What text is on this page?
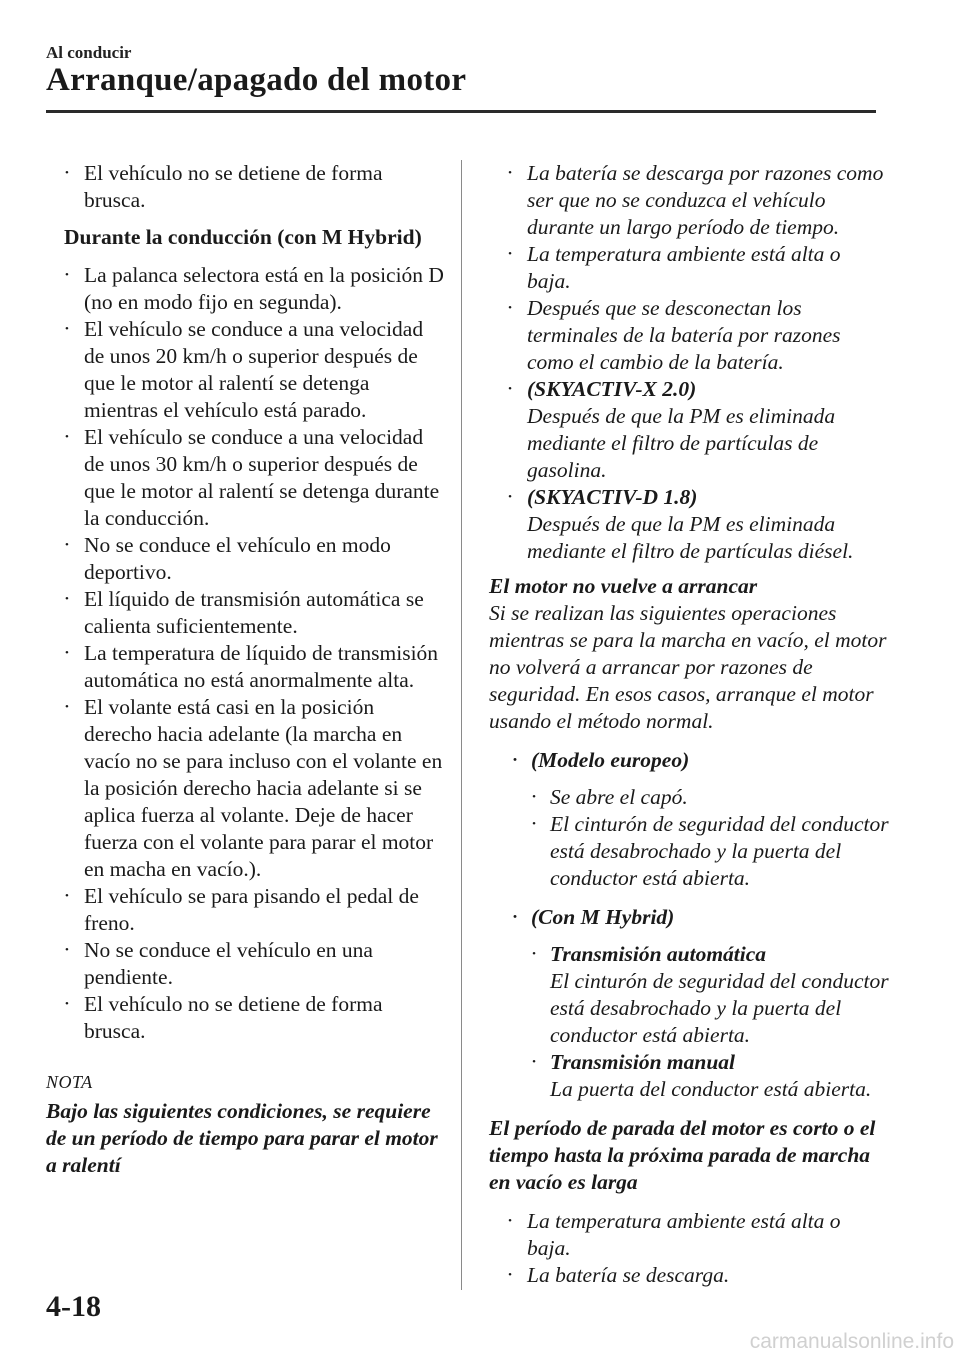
Al conducir
Arranque/apagado del motor
• El vehículo no se detiene de forma brusca.
Durante la conducción (con M Hybrid)
• La palanca selectora está en la posición D (no en modo fijo en segunda).
• El vehículo se conduce a una velocidad de unos 20 km/h o superior después de que le motor al ralentí se detenga mientras el vehículo está parado.
• El vehículo se conduce a una velocidad de unos 30 km/h o superior después de que le motor al ralentí se detenga durante la conducción.
• No se conduce el vehículo en modo deportivo.
• El líquido de transmisión automática se calienta suficientemente.
• La temperatura de líquido de transmisión automática no está anormalmente alta.
• El volante está casi en la posición derecho hacia adelante (la marcha en vacío no se para incluso con el volante en la posición derecho hacia adelante si se aplica fuerza al volante. Deje de hacer fuerza con el volante para parar el motor en macha en vacío.).
• El vehículo se para pisando el pedal de freno.
• No se conduce el vehículo en una pendiente.
• El vehículo no se detiene de forma brusca.
NOTA
Bajo las siguientes condiciones, se requiere de un período de tiempo para parar el motor a ralentí
• La batería se descarga por razones como ser que no se conduzca el vehículo durante un largo período de tiempo.
• La temperatura ambiente está alta o baja.
• Después que se desconectan los terminales de la batería por razones como el cambio de la batería.
• (SKYACTIV-X 2.0)
Después de que la PM es eliminada mediante el filtro de partículas de gasolina.
• (SKYACTIV-D 1.8)
Después de que la PM es eliminada mediante el filtro de partículas diésel.
El motor no vuelve a arrancar
Si se realizan las siguientes operaciones mientras se para la marcha en vacío, el motor no volverá a arrancar por razones de seguridad. En esos casos, arranque el motor usando el método normal.
• (Modelo europeo)
• Se abre el capó.
• El cinturón de seguridad del conductor está desabrochado y la puerta del conductor está abierta.
• (Con M Hybrid)
• Transmisión automática
El cinturón de seguridad del conductor está desabrochado y la puerta del conductor está abierta.
• Transmisión manual
La puerta del conductor está abierta.
El período de parada del motor es corto o el tiempo hasta la próxima parada de marcha en vacío es larga
• La temperatura ambiente está alta o baja.
• La batería se descarga.
4-18
carmanualsonline.info
